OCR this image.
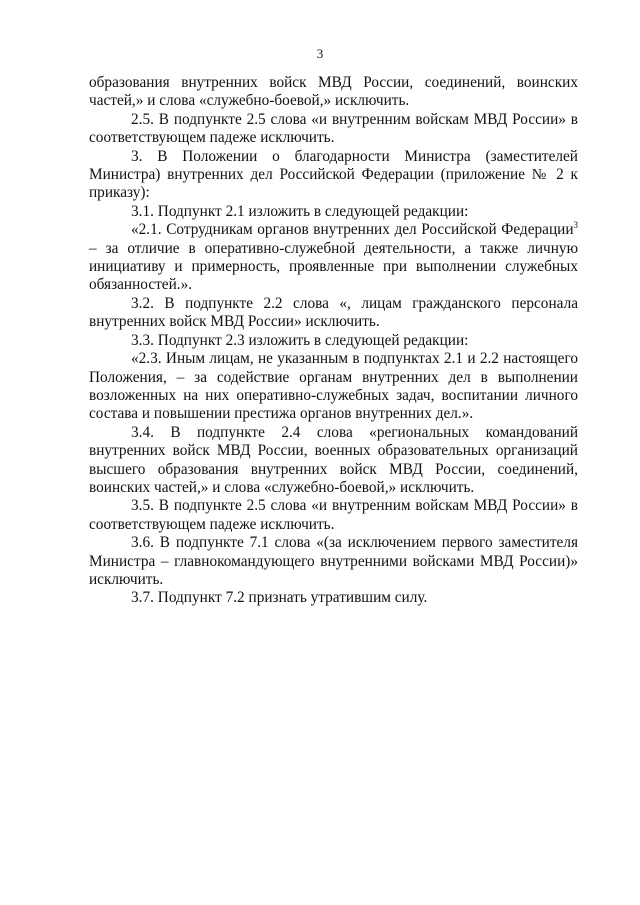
3

образования внутренних войск МВД России, соединений, воинских частей,» и слова «служебно-боевой,» исключить.

2.5. В подпункте 2.5 слова «и внутренним войскам МВД России» в соответствующем падеже исключить.

3. В Положении о благодарности Министра (заместителей Министра) внутренних дел Российской Федерации (приложение № 2 к приказу):

3.1. Подпункт 2.1 изложить в следующей редакции:

«2.1. Сотрудникам органов внутренних дел Российской Федерации$^3$ – за отличие в оперативно-служебной деятельности, а также личную инициативу и примерность, проявленные при выполнении служебных обязанностей.».

3.2. В подпункте 2.2 слова «, лицам гражданского персонала внутренних войск МВД России» исключить.

3.3. Подпункт 2.3 изложить в следующей редакции:

«2.3. Иным лицам, не указанным в подпунктах 2.1 и 2.2 настоящего Положения, – за содействие органам внутренних дел в выполнении возложенных на них оперативно-служебных задач, воспитании личного состава и повышении престижа органов внутренних дел.».

3.4. В подпункте 2.4 слова «региональных командований внутренних войск МВД России, военных образовательных организаций высшего образования внутренних войск МВД России, соединений, воинских частей,» и слова «служебно-боевой,» исключить.

3.5. В подпункте 2.5 слова «и внутренним войскам МВД России» в соответствующем падеже исключить.

3.6. В подпункте 7.1 слова «(за исключением первого заместителя Министра – главнокомандующего внутренними войсками МВД России)» исключить.

3.7. Подпункт 7.2 признать утратившим силу.
